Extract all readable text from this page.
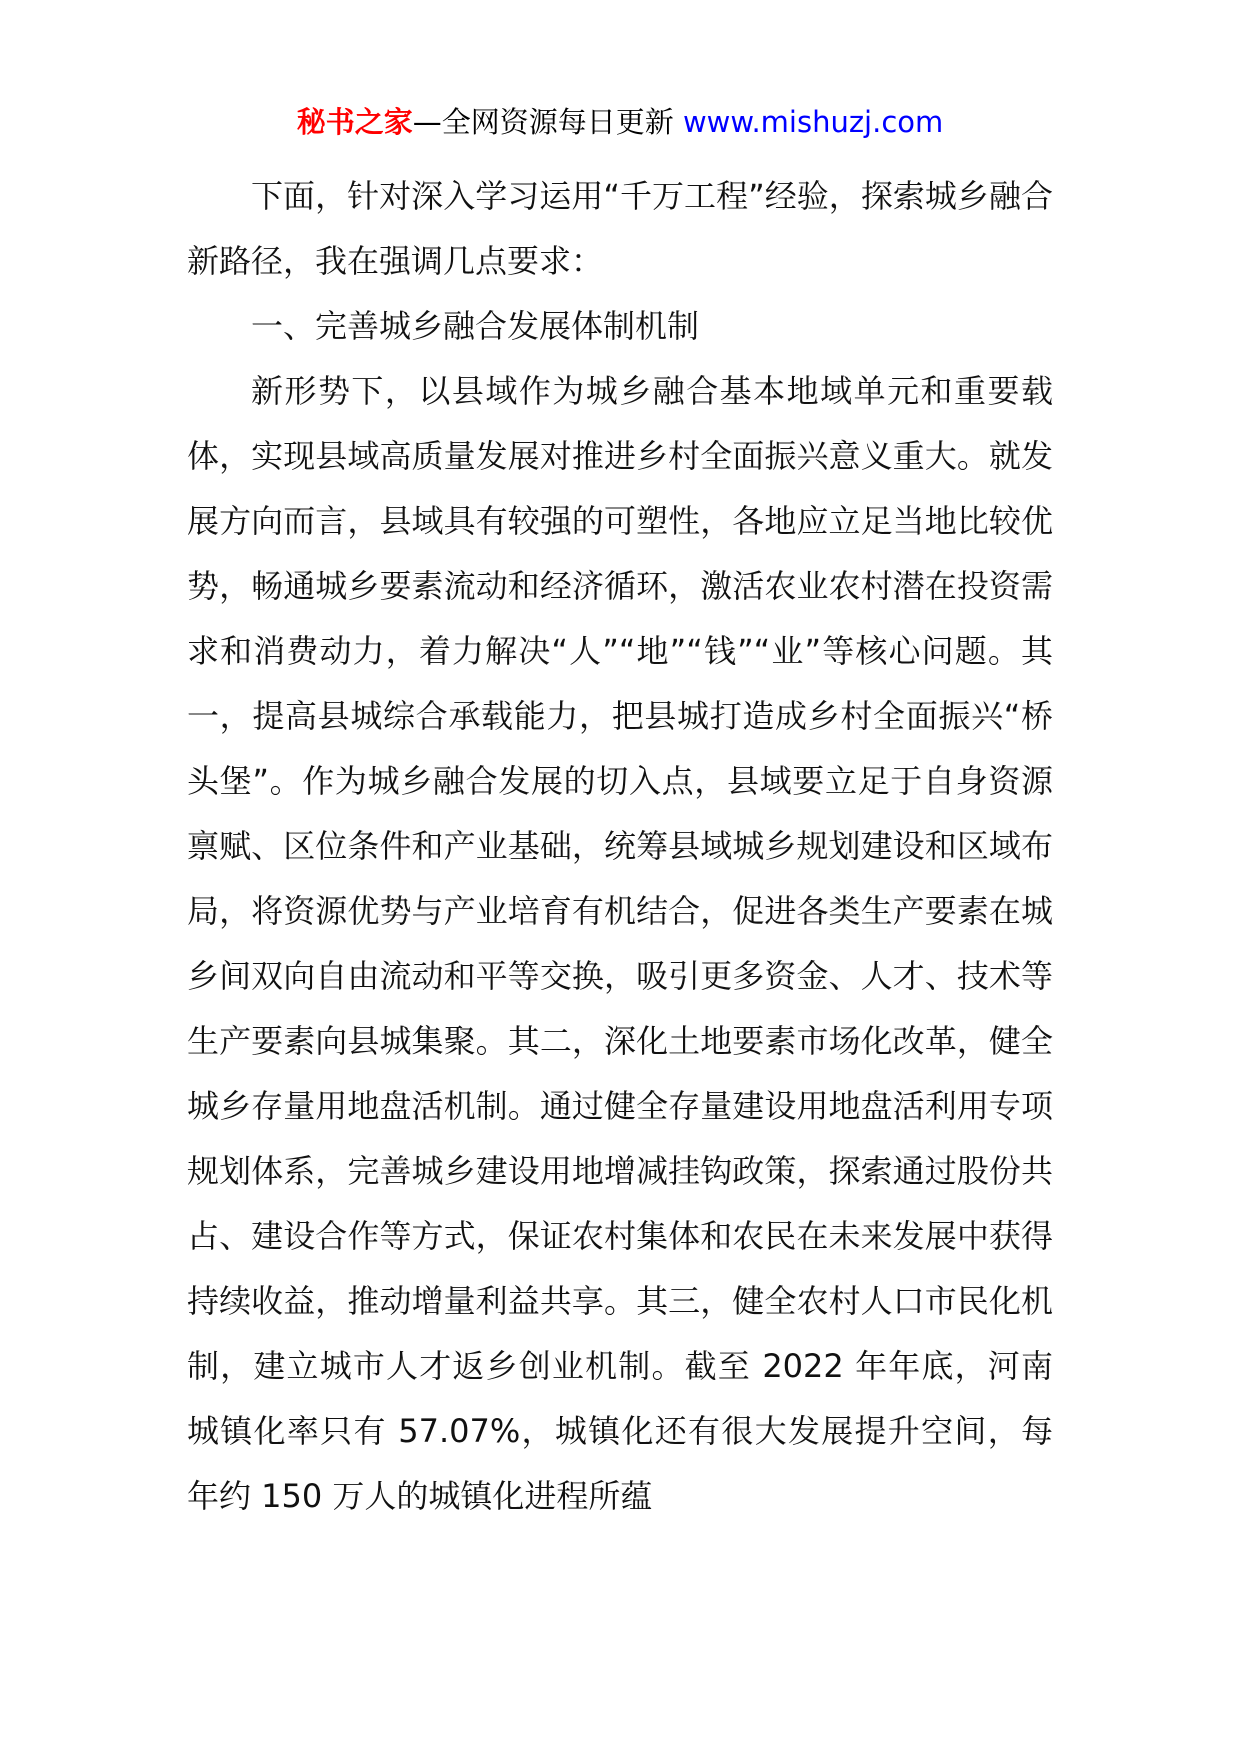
秘书之家—全网资源每日更新 www.mishuzj.com

下面，针对深入学习运用“千万工程”经验，探索城乡融合新路径，我在强调几点要求：

一、完善城乡融合发展体制机制

新形势下，以县域作为城乡融合基本地域单元和重要载体，实现县域高质量发展对推进乡村全面振兴意义重大。就发展方向而言，县域具有较强的可塑性，各地应立足当地比较优势，畅通城乡要素流动和经济循环，激活农业农村潜在投资需求和消费动力，着力解决“人”“地”“钱”“业”等核心问题。其一，提高县城综合承载能力，把县城打造成乡村全面振兴“桥头堡”。作为城乡融合发展的切入点，县域要立足于自身资源禀赋、区位条件和产业基础，统筹县域城乡规划建设和区域布局，将资源优势与产业培育有机结合，促进各类生产要素在城乡间双向自由流动和平等交换，吸引更多资金、人才、技术等生产要素向县城集聚。其二，深化土地要素市场化改革，健全城乡存量用地盘活机制。通过健全存量建设用地盘活利用专项规划体系，完善城乡建设用地增减挂钩政策，探索通过股份共占、建设合作等方式，保证农村集体和农民在未来发展中获得持续收益，推动增量利益共享。其三，健全农村人口市民化机制，建立城市人才返乡创业机制。截至 2022 年年底，河南城镇化率只有 57.07%，城镇化还有很大发展提升空间，每年约 150 万人的城镇化进程所蕴
